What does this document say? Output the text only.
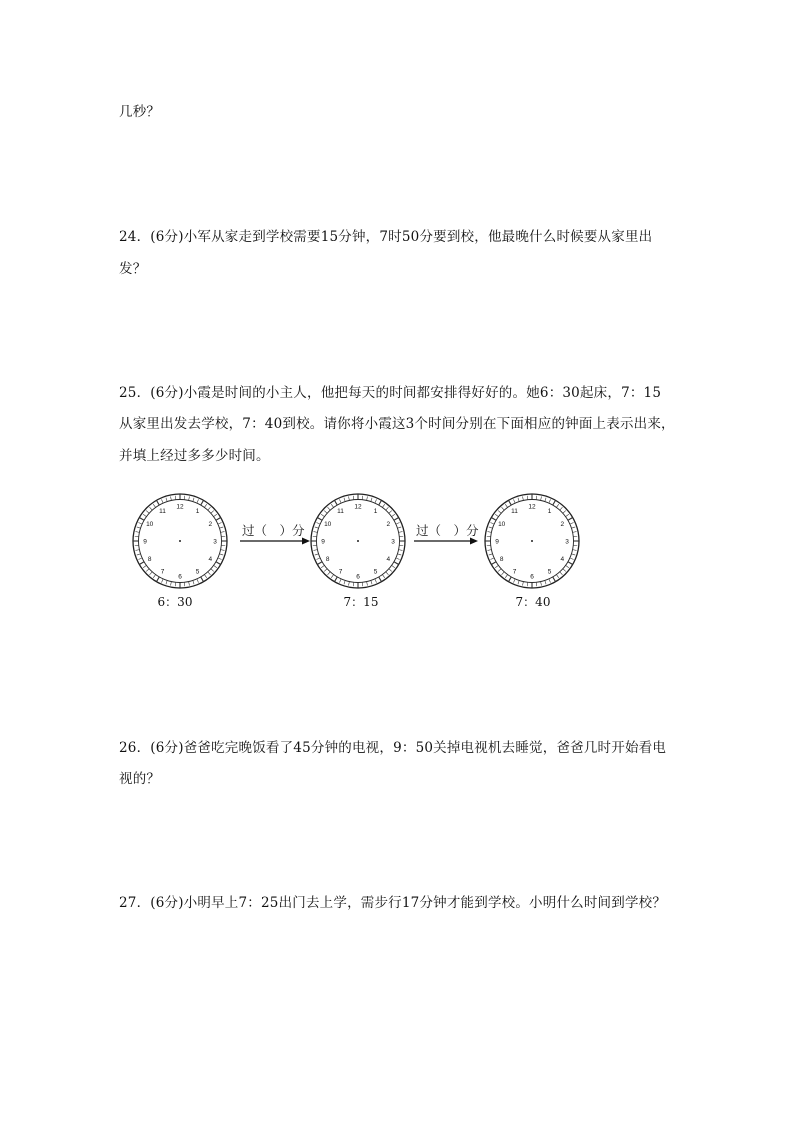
几秒？
24．(6分)小军从家走到学校需要15分钟，7时50分要到校，他最晚什么时候要从家里出
发？
25．(6分)小霞是时间的小主人，他把每天的时间都安排得好好的。她6：30起床，7：15
从家里出发去学校，7：40到校。请你将小霞这3个时间分别在下面相应的钟面上表示出来，
并填上经过多多少时间。
12
1
2
3
4
5
6
7
8
9
10
11
12
1
2
3
4
5
6
7
8
9
10
11
12
1
2
3
4
5
6
7
8
9
10
11
过（　）分	过（　）分
6：30	7：15	7：40
26．(6分)爸爸吃完晚饭看了45分钟的电视，9：50关掉电视机去睡觉，爸爸几时开始看电
视的？
27．(6分)小明早上7：25出门去上学，需步行17分钟才能到学校。小明什么时间到学校？
